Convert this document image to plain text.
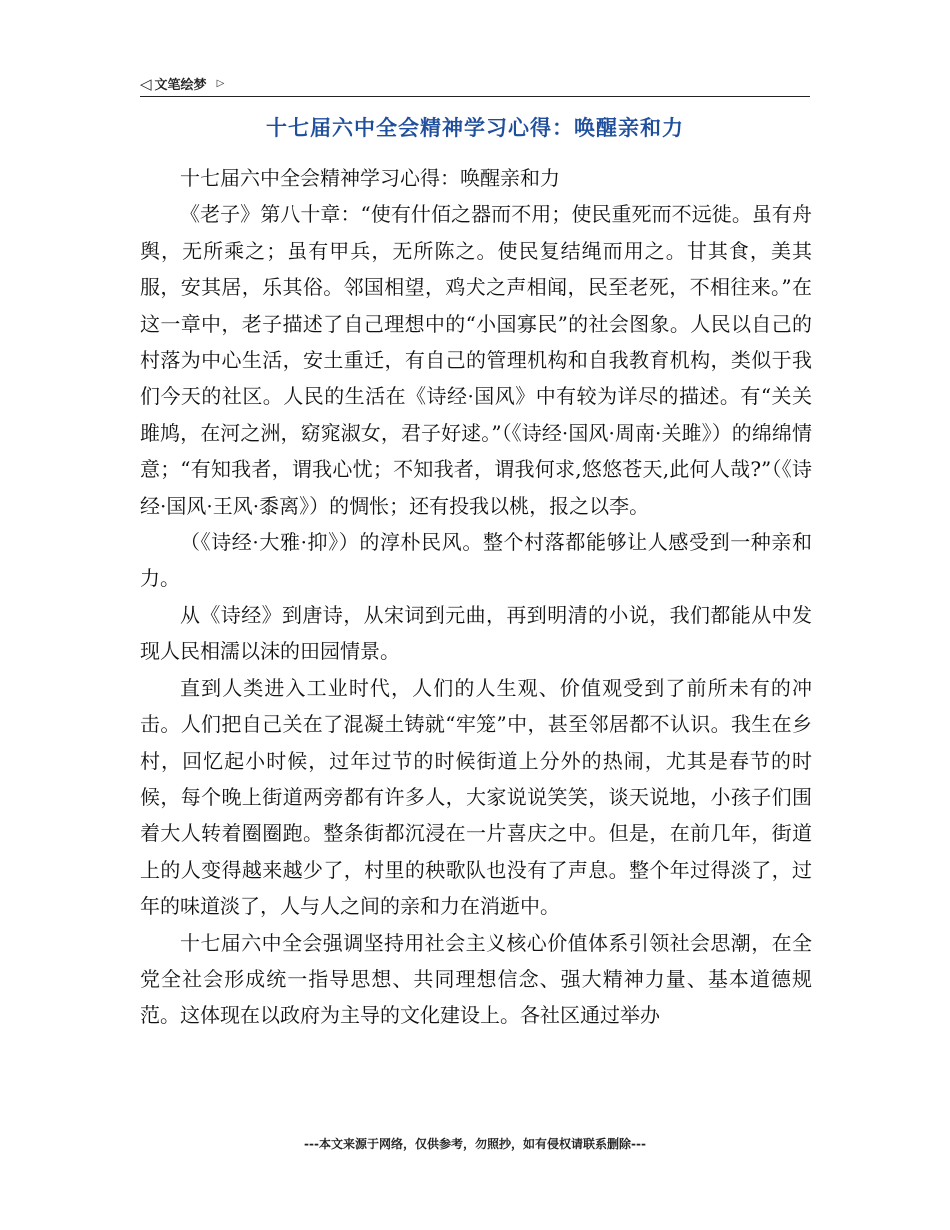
◁ 文笔绘梦 ▷
十七届六中全会精神学习心得：唤醒亲和力

十七届六中全会精神学习心得：唤醒亲和力

《老子》第八十章：“使有什佰之器而不用；使民重死而不远徙。虽有舟舆，无所乘之；虽有甲兵，无所陈之。使民复结绳而用之。甘其食，美其服，安其居，乐其俗。邻国相望，鸡犬之声相闻，民至老死，不相往来。”在这一章中，老子描述了自己理想中的“小国寡民”的社会图象。人民以自己的村落为中心生活，安土重迁，有自己的管理机构和自我教育机构，类似于我们今天的社区。人民的生活在《诗经·国风》中有较为详尽的描述。有“关关雎鸠，在河之洲，窈窕淑女，君子好逑。”（《诗经·国风·周南·关雎》）的绵绵情意；“有知我者，谓我心忧；不知我者，谓我何求,悠悠苍天,此何人哉?”（《诗经·国风·王风·黍离》）的惆怅；还有投我以桃，报之以李。

（《诗经·大雅·抑》）的淳朴民风。整个村落都能够让人感受到一种亲和力。

从《诗经》到唐诗，从宋词到元曲，再到明清的小说，我们都能从中发现人民相濡以沫的田园情景。

直到人类进入工业时代，人们的人生观、价值观受到了前所未有的冲击。人们把自己关在了混凝土铸就“牢笼”中，甚至邻居都不认识。我生在乡村，回忆起小时候，过年过节的时候街道上分外的热闹，尤其是春节的时候，每个晚上街道两旁都有许多人，大家说说笑笑，谈天说地，小孩子们围着大人转着圈圈跑。整条街都沉浸在一片喜庆之中。但是，在前几年，街道上的人变得越来越少了，村里的秧歌队也没有了声息。整个年过得淡了，过年的味道淡了，人与人之间的亲和力在消逝中。

十七届六中全会强调坚持用社会主义核心价值体系引领社会思潮，在全党全社会形成统一指导思想、共同理想信念、强大精神力量、基本道德规范。这体现在以政府为主导的文化建设上。各社区通过举办

---本文来源于网络，仅供参考，勿照抄，如有侵权请联系删除---
